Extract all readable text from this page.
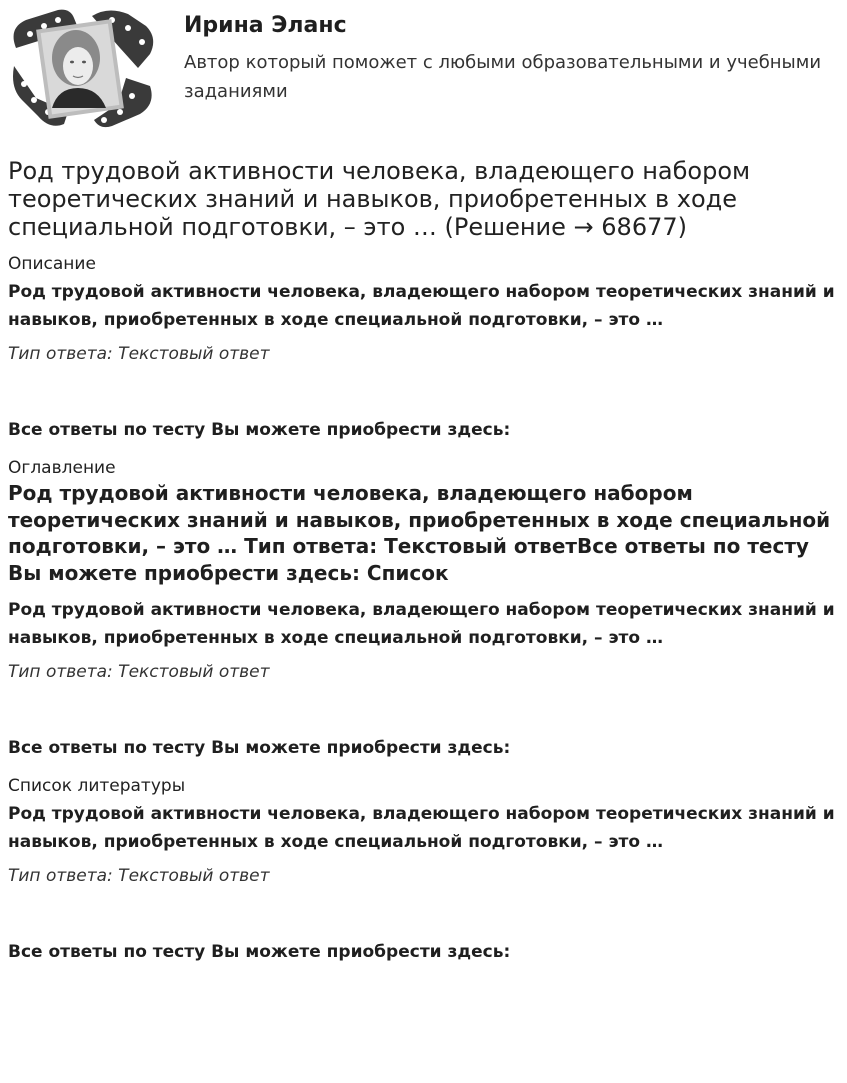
Ирина Эланс

Автор который поможет с любыми образовательными и учебными заданиями

Род трудовой активности человека, владеющего набором теоретических знаний и навыков, приобретенных в ходе специальной подготовки, – это … (Решение → 68677)

Описание

Род трудовой активности человека, владеющего набором теоретических знаний и навыков, приобретенных в ходе специальной подготовки, – это …

Тип ответа: Текстовый ответ

Все ответы по тесту Вы можете приобрести здесь:

Оглавление

Род трудовой активности человека, владеющего набором теоретических знаний и навыков, приобретенных в ходе специальной подготовки, – это … Тип ответа: Текстовый ответВсе ответы по тесту Вы можете приобрести здесь: Список

Род трудовой активности человека, владеющего набором теоретических знаний и навыков, приобретенных в ходе специальной подготовки, – это …

Тип ответа: Текстовый ответ

Все ответы по тесту Вы можете приобрести здесь:

Список литературы

Род трудовой активности человека, владеющего набором теоретических знаний и навыков, приобретенных в ходе специальной подготовки, – это …

Тип ответа: Текстовый ответ

Все ответы по тесту Вы можете приобрести здесь:
